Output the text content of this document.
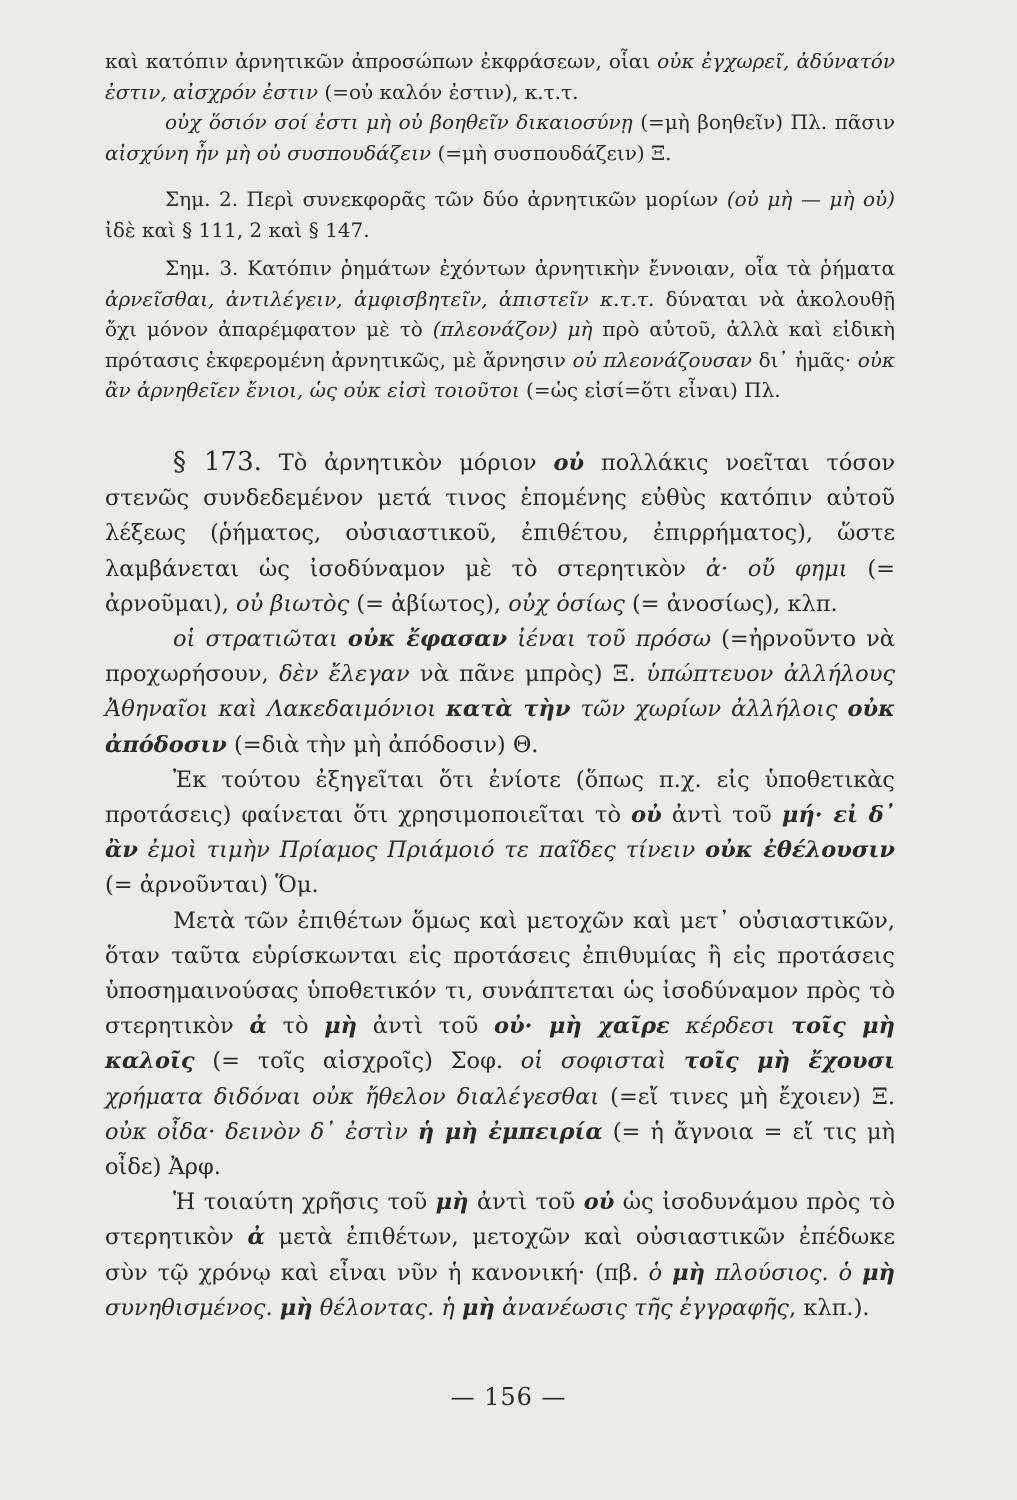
καὶ κατόπιν ἀρνητικῶν ἀπροσώπων ἐκφράσεων, οἷαι οὐκ ἐγχωρεῖ, ἀδύνατόν ἐστιν, αἰσχρόν ἐστιν (=οὐ καλόν ἐστιν), κ.τ.τ.

οὐχ ὅσιόν σοί ἐστι μὴ οὐ βοηθεῖν δικαιοσύνῃ (=μὴ βοηθεῖν) Πλ. πᾶσιν αἰσχύνη ἦν μὴ οὐ συσπουδάζειν (=μὴ συσπουδάζειν) Ξ.

Σημ. 2. Περὶ συνεκφορᾶς τῶν δύο ἀρνητικῶν μορίων (οὐ μὴ — μὴ οὐ) ἰδὲ καὶ § 111, 2 καὶ § 147.

Σημ. 3. Κατόπιν ῥημάτων ἐχόντων ἀρνητικὴν ἔννοιαν, οἷα τὰ ῥήματα ἀρνεῖσθαι, ἀντιλέγειν, ἀμφισβητεῖν, ἀπιστεῖν κ.τ.τ. δύναται νὰ ἀκολουθῇ ὄχι μόνον ἀπαρέμφατον μὲ τὸ (πλεονάζον) μὴ πρὸ αὐτοῦ, ἀλλὰ καὶ εἰδικὴ πρότασις ἐκφερομένη ἀρνητικῶς, μὲ ἄρνησιν οὐ πλεονάζουσαν δι᾽ ἡμᾶς· οὐκ ἂν ἀρνηθεῖεν ἔνιοι, ὡς οὐκ εἰσὶ τοιοῦτοι (=ὡς εἰσί=ὅτι εἶναι) Πλ.

§ 173. Τὸ ἀρνητικὸν μόριον οὐ πολλάκις νοεῖται τόσον στενῶς συνδεδεμένον μετά τινος ἑπομένης εὐθὺς κατόπιν αὐτοῦ λέξεως (ῥήματος, οὐσιαστικοῦ, ἐπιθέτου, ἐπιρρήματος), ὥστε λαμβάνεται ὡς ἰσοδύναμον μὲ τὸ στερητικὸν ἀ· οὔ φημι (= ἀρνοῦμαι), οὐ βιωτὸς (= ἀβίωτος), οὐχ ὁσίως (= ἀνοσίως), κλπ.

οἱ στρατιῶται οὐκ ἔφασαν ἰέναι τοῦ πρόσω (=ἠρνοῦντο νὰ προχωρήσουν, δὲν ἔλεγαν νὰ πᾶνε μπρὸς) Ξ. ὑπώπτευον ἀλλήλους Ἀθηναῖοι καὶ Λακεδαιμόνιοι κατὰ τὴν τῶν χωρίων ἀλλήλοις οὐκ ἀπόδοσιν (=διὰ τὴν μὴ ἀπόδοσιν) Θ.

Ἐκ τούτου ἐξηγεῖται ὅτι ἐνίοτε (ὅπως π.χ. εἰς ὑποθετικὰς προτάσεις) φαίνεται ὅτι χρησιμοποιεῖται τὸ οὐ ἀντὶ τοῦ μή· εἰ δ᾽ ἂν ἐμοὶ τιμὴν Πρίαμος Πριάμοιό τε παῖδες τίνειν οὐκ ἐθέλουσιν (= ἀρνοῦνται) Ὅμ.

Μετὰ τῶν ἐπιθέτων ὅμως καὶ μετοχῶν καὶ μετ᾽ οὐσιαστικῶν, ὅταν ταῦτα εὑρίσκωνται εἰς προτάσεις ἐπιθυμίας ἢ εἰς προτάσεις ὑποσημαινούσας ὑποθετικόν τι, συνάπτεται ὡς ἰσοδύναμον πρὸς τὸ στερητικὸν ἀ τὸ μὴ ἀντὶ τοῦ οὐ· μὴ χαῖρε κέρδεσι τοῖς μὴ καλοῖς (= τοῖς αἰσχροῖς) Σοφ. οἱ σοφισταὶ τοῖς μὴ ἔχουσι χρήματα διδόναι οὐκ ἤθελον διαλέγεσθαι (=εἴ τινες μὴ ἔχοιεν) Ξ. οὐκ οἶδα· δεινὸν δ᾽ ἐστὶν ἡ μὴ ἐμπειρία (= ἡ ἄγνοια = εἴ τις μὴ οἶδε) Ἀρφ.

Ἡ τοιαύτη χρῆσις τοῦ μὴ ἀντὶ τοῦ οὐ ὡς ἰσοδυνάμου πρὸς τὸ στερητικὸν ἀ μετὰ ἐπιθέτων, μετοχῶν καὶ οὐσιαστικῶν ἐπέδωκε σὺν τῷ χρόνῳ καὶ εἶναι νῦν ἡ κανονική· (πβ. ὁ μὴ πλούσιος. ὁ μὴ συνηθισμένος. μὴ θέλοντας. ἡ μὴ ἀνανέωσις τῆς ἐγγραφῆς, κλπ.).

— 156 —
